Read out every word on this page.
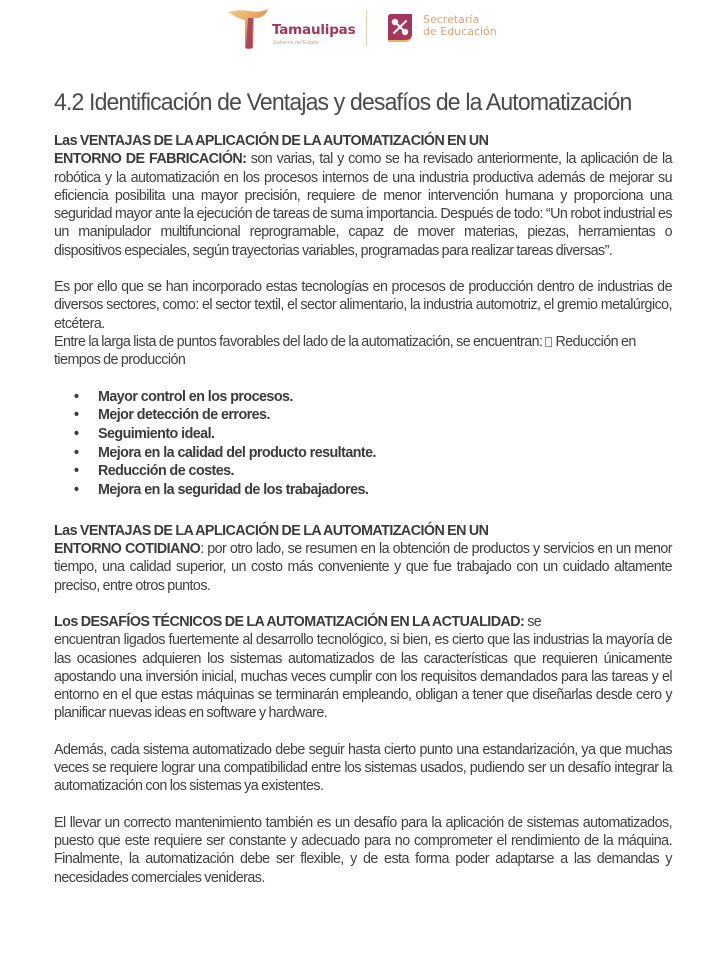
Tamaulipas
Gobierno del Estado
Secretaría
de Educación
4.2 Identificación de Ventajas y desafíos de la Automatización

Las VENTAJAS DE LA APLICACIÓN DE LA AUTOMATIZACIÓN EN UN
ENTORNO DE FABRICACIÓN: son varias, tal y como se ha revisado anteriormente, la aplicación de la robótica y la automatización en los procesos internos de una industria productiva además de mejorar su eficiencia posibilita una mayor precisión, requiere de menor intervención humana y proporciona una seguridad mayor ante la ejecución de tareas de suma importancia. Después de todo: “Un robot industrial es un manipulador multifuncional reprogramable, capaz de mover materias, piezas, herramientas o dispositivos especiales, según trayectorias variables, programadas para realizar tareas diversas”.

Es por ello que se han incorporado estas tecnologías en procesos de producción dentro de industrias de diversos sectores, como: el sector textil, el sector alimentario, la industria automotriz, el gremio metalúrgico, etcétera.

Entre la larga lista de puntos favorables del lado de la automatización, se encuentran: Reducción en tiempos de producción

• Mayor control en los procesos.
• Mejor detección de errores.
• Seguimiento ideal.
• Mejora en la calidad del producto resultante.
• Reducción de costes.
• Mejora en la seguridad de los trabajadores.

Las VENTAJAS DE LA APLICACIÓN DE LA AUTOMATIZACIÓN EN UN
ENTORNO COTIDIANO: por otro lado, se resumen en la obtención de productos y servicios en un menor tiempo, una calidad superior, un costo más conveniente y que fue trabajado con un cuidado altamente preciso, entre otros puntos.

Los DESAFÍOS TÉCNICOS DE LA AUTOMATIZACIÓN EN LA ACTUALIDAD: se
encuentran ligados fuertemente al desarrollo tecnológico, si bien, es cierto que las industrias la mayoría de las ocasiones adquieren los sistemas automatizados de las características que requieren únicamente apostando una inversión inicial, muchas veces cumplir con los requisitos demandados para las tareas y el entorno en el que estas máquinas se terminarán empleando, obligan a tener que diseñarlas desde cero y planificar nuevas ideas en software y hardware.

Además, cada sistema automatizado debe seguir hasta cierto punto una estandarización, ya que muchas veces se requiere lograr una compatibilidad entre los sistemas usados, pudiendo ser un desafío integrar la automatización con los sistemas ya existentes.

El llevar un correcto mantenimiento también es un desafío para la aplicación de sistemas automatizados, puesto que este requiere ser constante y adecuado para no comprometer el rendimiento de la máquina. Finalmente, la automatización debe ser flexible, y de esta forma poder adaptarse a las demandas y necesidades comerciales venideras.
